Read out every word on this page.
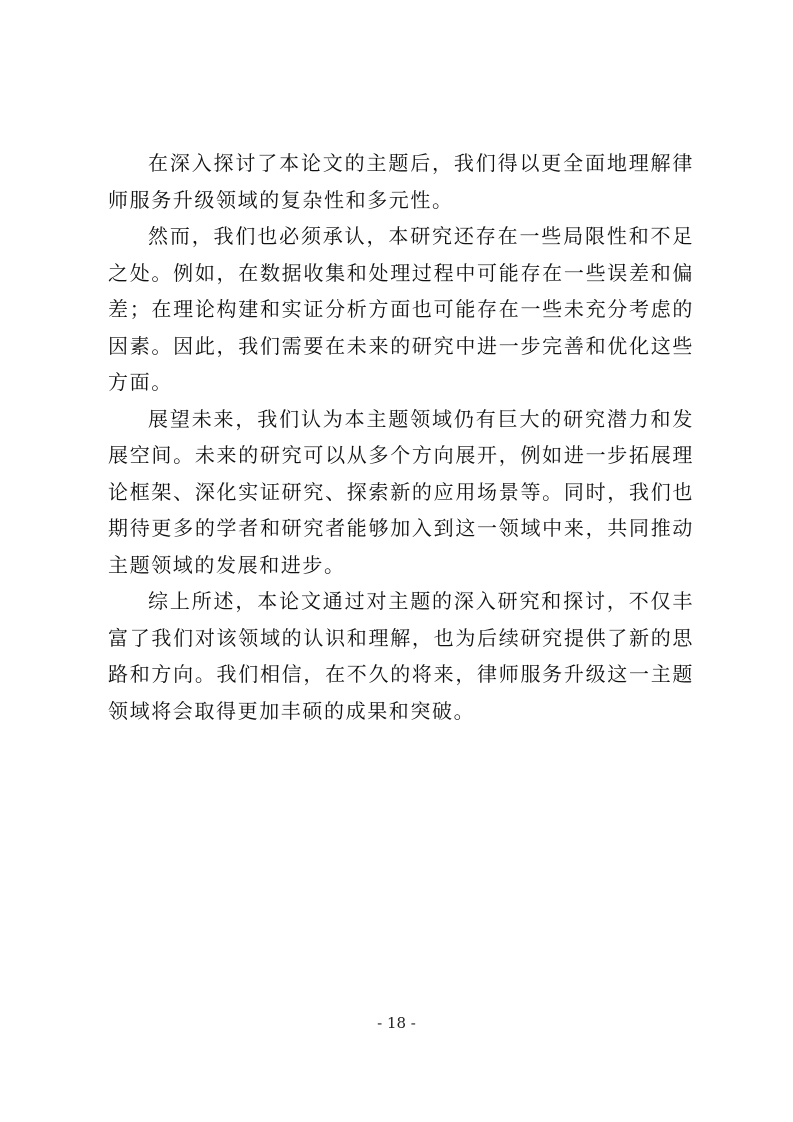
在深入探讨了本论文的主题后，我们得以更全面地理解律师服务升级领域的复杂性和多元性。

然而，我们也必须承认，本研究还存在一些局限性和不足之处。例如，在数据收集和处理过程中可能存在一些误差和偏差；在理论构建和实证分析方面也可能存在一些未充分考虑的因素。因此，我们需要在未来的研究中进一步完善和优化这些方面。

展望未来，我们认为本主题领域仍有巨大的研究潜力和发展空间。未来的研究可以从多个方向展开，例如进一步拓展理论框架、深化实证研究、探索新的应用场景等。同时，我们也期待更多的学者和研究者能够加入到这一领域中来，共同推动主题领域的发展和进步。

综上所述，本论文通过对主题的深入研究和探讨，不仅丰富了我们对该领域的认识和理解，也为后续研究提供了新的思路和方向。我们相信，在不久的将来，律师服务升级这一主题领域将会取得更加丰硕的成果和突破。

- 18 -
